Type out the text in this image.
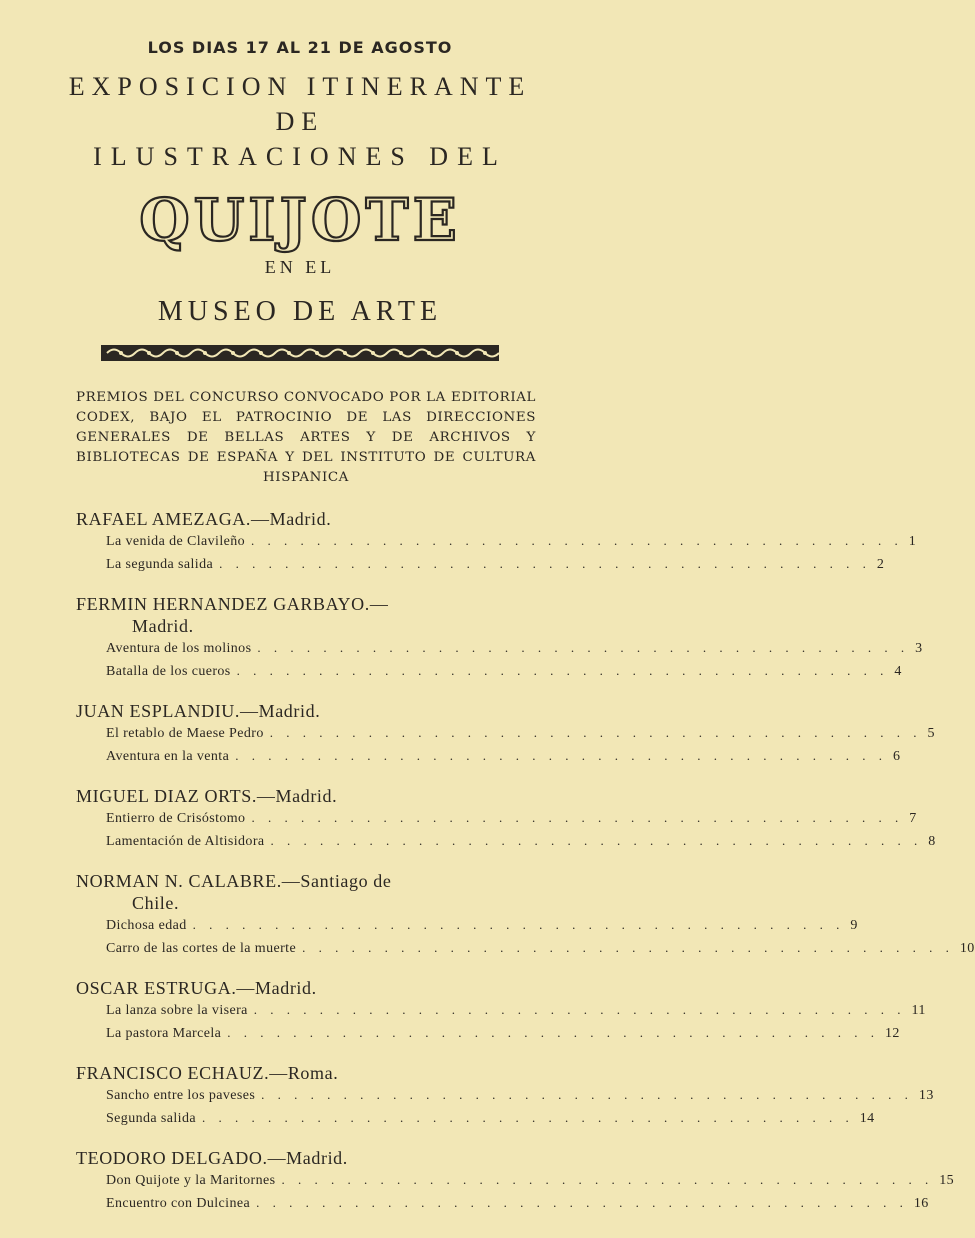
LOS DIAS 17 AL 21 DE AGOSTO
EXPOSICION ITINERANTE
DE
ILUSTRACIONES DEL
QUIJOTE
EN EL
MUSEO DE ARTE
PREMIOS DEL CONCURSO CONVOCADO POR LA EDITORIAL CODEX, BAJO EL PATROCINIO DE LAS DIRECCIONES GENERALES DE BELLAS ARTES Y DE ARCHIVOS Y BIBLIOTECAS DE ESPAÑA Y DEL INSTITUTO DE CULTURA HISPANICA
RAFAEL AMEZAGA.—Madrid.
La venida de Clavileño . . . . . . . . . . . . . . . . . . . . . . . . . . . . . . . . . . . . . . . . 1
La segunda salida . . . . . . . . . . . . . . . . . . . . . . . . . . . . . . . . . . . . . . . . 2
FERMIN HERNANDEZ GARBAYO.—
Madrid.
Aventura de los molinos . . . . . . . . . . . . . . . . . . . . . . . . . . . . . . . . . . . . . . . . 3
Batalla de los cueros . . . . . . . . . . . . . . . . . . . . . . . . . . . . . . . . . . . . . . . . 4
JUAN ESPLANDIU.—Madrid.
El retablo de Maese Pedro . . . . . . . . . . . . . . . . . . . . . . . . . . . . . . . . . . . . . . . . 5
Aventura en la venta . . . . . . . . . . . . . . . . . . . . . . . . . . . . . . . . . . . . . . . . 6
MIGUEL DIAZ ORTS.—Madrid.
Entierro de Crisóstomo . . . . . . . . . . . . . . . . . . . . . . . . . . . . . . . . . . . . . . . . 7
Lamentación de Altisidora . . . . . . . . . . . . . . . . . . . . . . . . . . . . . . . . . . . . . . . . 8
NORMAN N. CALABRE.—Santiago de
Chile.
Dichosa edad . . . . . . . . . . . . . . . . . . . . . . . . . . . . . . . . . . . . . . . . 9
Carro de las cortes de la muerte . . . . . . . . . . . . . . . . . . . . . . . . . . . . . . . . . . . . . . . . 10
OSCAR ESTRUGA.—Madrid.
La lanza sobre la visera . . . . . . . . . . . . . . . . . . . . . . . . . . . . . . . . . . . . . . . . 11
La pastora Marcela . . . . . . . . . . . . . . . . . . . . . . . . . . . . . . . . . . . . . . . . 12
FRANCISCO ECHAUZ.—Roma.
Sancho entre los paveses . . . . . . . . . . . . . . . . . . . . . . . . . . . . . . . . . . . . . . . . 13
Segunda salida . . . . . . . . . . . . . . . . . . . . . . . . . . . . . . . . . . . . . . . . 14
TEODORO DELGADO.—Madrid.
Don Quijote y la Maritornes . . . . . . . . . . . . . . . . . . . . . . . . . . . . . . . . . . . . . . . . 15
Encuentro con Dulcinea . . . . . . . . . . . . . . . . . . . . . . . . . . . . . . . . . . . . . . . . 16
